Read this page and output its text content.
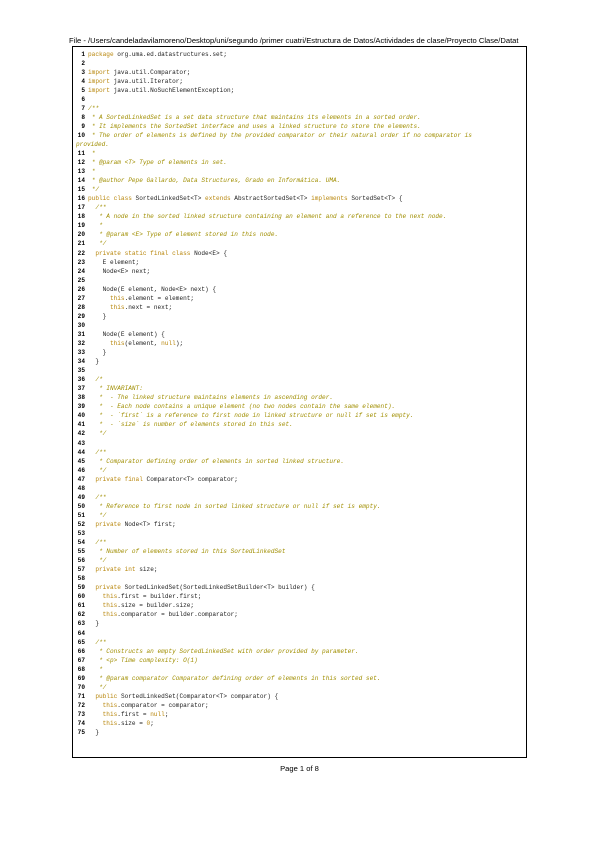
File - /Users/candeladavilamoreno/Desktop/uni/segundo /primer cuatri/Estructura de Datos/Actividades de clase/Proyecto Clase/Datat
1 package org.uma.ed.datastructures.set;
2
3 import java.util.Comparator;
4 import java.util.Iterator;
5 import java.util.NoSuchElementException;
6
7 /**
8 * A SortedLinkedSet is a set data structure that maintains its elements in a sorted order.
9 * It implements the SortedSet interface and uses a linked structure to store the elements.
10 * The order of elements is defined by the provided comparator or their natural order if no comparator is
provided.
11 *
12 * @param <T> Type of elements in set.
13 *
14 * @author Pepe Gallardo, Data Structures, Grado en Informática. UMA.
15 */
16 public class SortedLinkedSet<T> extends AbstractSortedSet<T> implements SortedSet<T> {
17 /**
18 * A node in the sorted linked structure containing an element and a reference to the next node.
19 *
20 * @param <E> Type of element stored in this node.
21 */
22	private static final class Node<E> {
23 E element;
24 Node<E> next;
25
26 Node(E element, Node<E> next) {
27	this.element = element;
28	this.next = next;
29 }
30
31 Node(E element) {
32	this(element, null);
33 }
34 }
35
36 /*
37 * INVARIANT:
38 *  - The linked structure maintains elements in ascending order.
39 *  - Each node contains a unique element (no two nodes contain the same element).
40 *  - `first` is a reference to first node in linked structure or null if set is empty.
41 *  - `size` is number of elements stored in this set.
42 */
43
44 /**
45 * Comparator defining order of elements in sorted linked structure.
46 */
47	private final Comparator<T> comparator;
48
49 /**
50 * Reference to first node in sorted linked structure or null if set is empty.
51 */
52	private Node<T> first;
53
54 /**
55 * Number of elements stored in this SortedLinkedSet
56 */
57	private int size;
58
59	private SortedLinkedSet(SortedLinkedSetBuilder<T> builder) {
60	this.first = builder.first;
61	this.size = builder.size;
62	this.comparator = builder.comparator;
63 }
64
65 /**
66 * Constructs an empty SortedLinkedSet with order provided by parameter.
67 * <p> Time complexity: O(1)
68 *
69 * @param comparator Comparator defining order of elements in this sorted set.
70 */
71	public SortedLinkedSet(Comparator<T> comparator) {
72	this.comparator = comparator;
73	this.first = null;
74	this.size = 0;
75 }
Page 1 of 8
